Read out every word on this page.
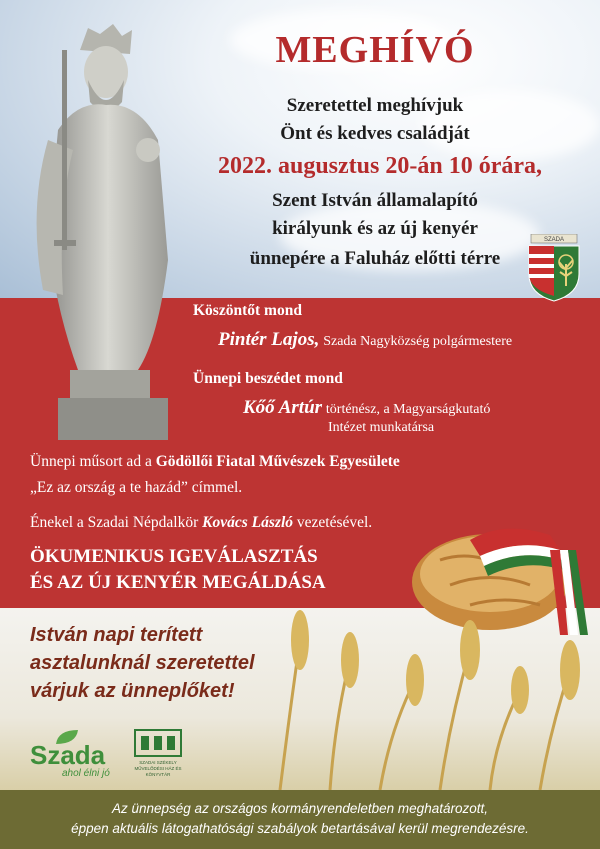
MEGHÍVÓ
Szeretettel meghívjuk
Önt és kedves családját
2022. augusztus 20-án 10 órára,
Szent István államalapító
királyunk és az új kenyér
ünnepére a Faluház előtti térre
SZADA
Köszöntőt mond
Pintér Lajos, Szada Nagyközség polgármestere
Ünnepi beszédet mond
Kőő Artúr történész, a Magyarságkutató
Intézet munkatársa
Ünnepi műsort ad a Gödöllői Fiatal Művészek Egyesülete
„Ez az ország a te hazád” címmel.
Énekel a Szadai Népdalkör Kovács László vezetésével.
ÖKUMENIKUS IGEVÁLASZTÁS
ÉS AZ ÚJ KENYÉR MEGÁLDÁSA
István napi terített
asztalunknál szeretettel
várjuk az ünneplőket!
Szada
ahol élni jó
SZADAI SZÉKELY MŰVELŐDÉSI HÁZ ÉS KÖNYVTÁR

Az ünnepség az országos kormányrendeletben meghatározott,

éppen aktuális látogathatósági szabályok betartásával kerül megrendezésre.
